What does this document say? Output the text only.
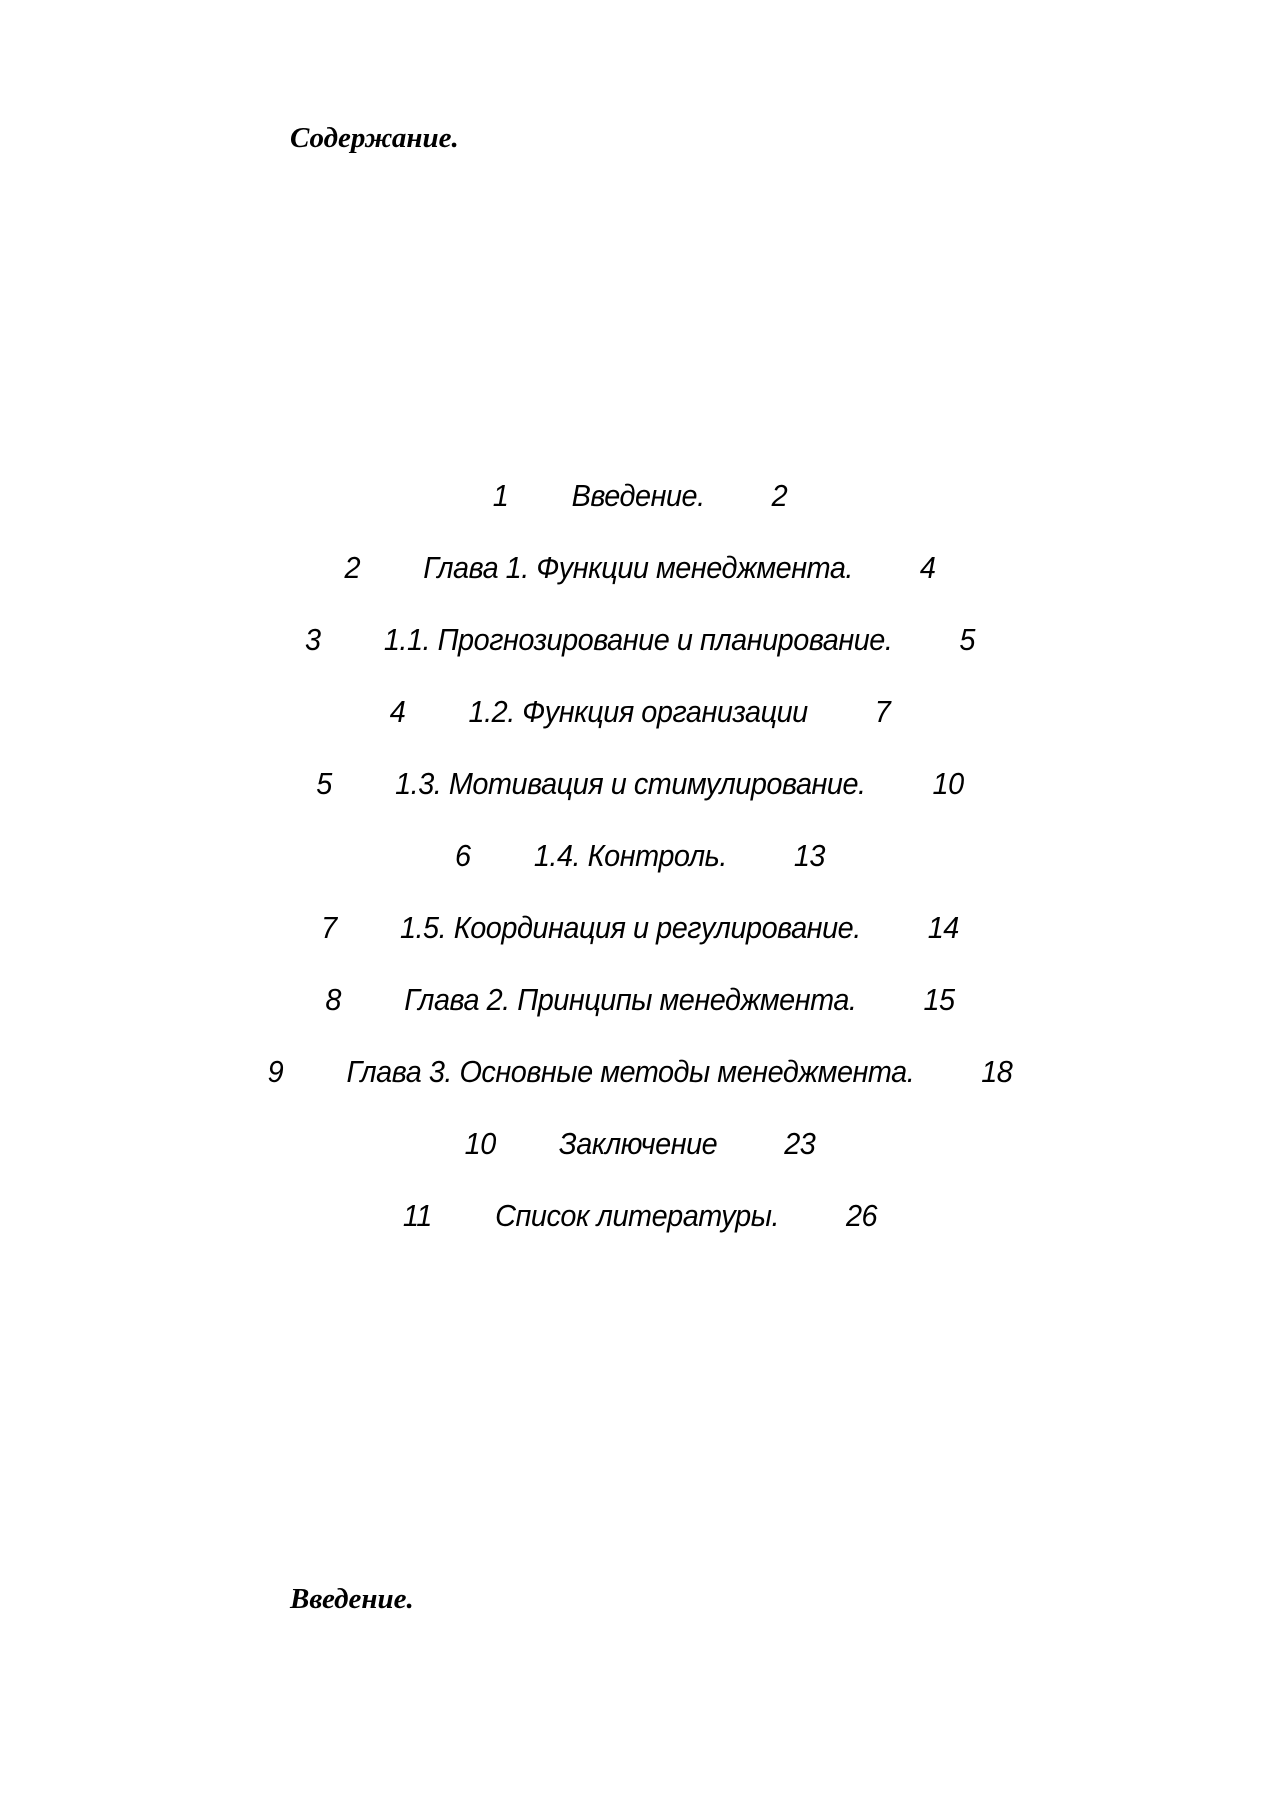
Содержание.
1 Введение. 2
2 Глава 1. Функции менеджмента. 4
3 1.1. Прогнозирование и планирование. 5
4 1.2. Функция организации 7
5 1.3. Мотивация и стимулирование. 10
6 1.4. Контроль. 13
7 1.5. Координация и регулирование. 14
8 Глава 2. Принципы менеджмента. 15
9 Глава 3. Основные методы менеджмента. 18
10 Заключение 23
11 Список литературы. 26
Введение.
